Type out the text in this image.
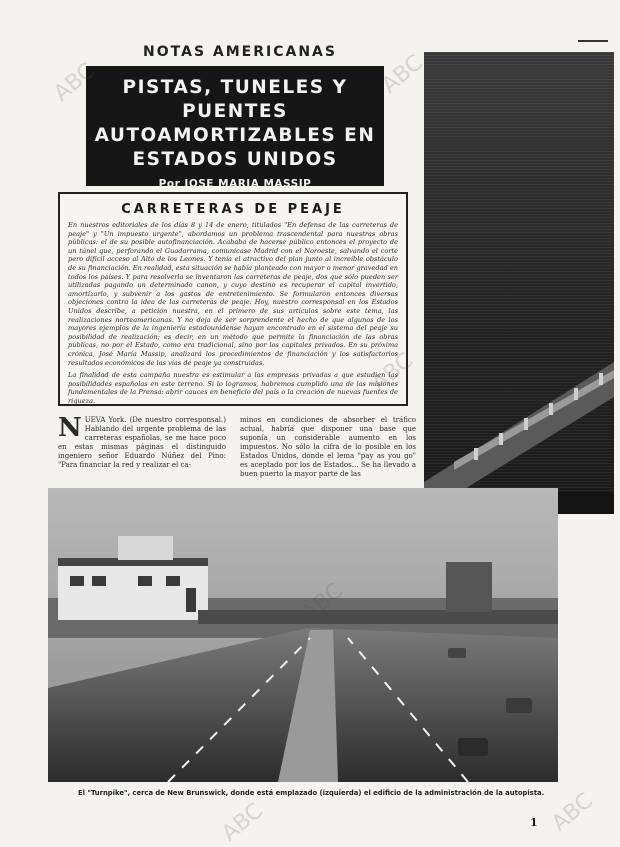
NOTAS AMERICANAS
PISTAS, TUNELES Y PUENTES AUTOAMORTIZABLES EN ESTADOS UNIDOS
Por JOSE MARIA MASSIP
CARRETERAS DE PEAJE

En nuestros editoriales de los días 8 y 14 de enero, titulados "En defensa de las carreteras de peaje" y "Un impuesto urgente", abordamos un problema trascendental para nuestras obras públicas: el de su posible autofinanciación. Acababa de hacerse público entonces el proyecto de un túnel que, perforando el Guadarrama, comunicase Madrid con el Noroeste, salvando el corte pero difícil acceso al Alto de los Leones. Y tenía el atractivo del plan junto al increíble obstáculo de su financiación. En realidad, esta situación se había planteado con mayor o menor gravedad en todos los países. Y para resolverla se inventaron las carreteras de peaje, dos que sólo pueden ser utilizadas pagando un determinado canon, y cuyo destino es recuperar el capital invertido, amortizarlo, y subvenir a los gastos de entretenimiento. Se formularon entonces diversas objeciones contra la idea de las carreteras de peaje. Hoy, nuestro corresponsal en los Estados Unidos describe, a petición nuestra, en el primero de sus artículos sobre este tema, las realizaciones norteamericanas. Y no deja de ser sorprendente el hecho de que algunos de los mayores ejemplos de la ingeniería estadounidense hayan encontrado en el sistema del peaje su posibilidad de realización; es decir, en un método que permite la financiación de las obras públicas, no por el Estado, como era tradicional, sino por los capitales privados. En su próxima crónica, José María Massip, analizará los procedimientos de financiación y los satisfactorios resultados económicos de las vías de peaje ya construidas.

La finalidad de esta campaña nuestra es estimular a las empresas privadas a que estudien las posibilidades españolas en este terreno. Si lo logramos, habremos cumplido una de las misiones fundamentales de la Prensa: abrir cauces en beneficio del país o la creación de nuevas fuentes de riqueza.

NUEVA York. (De nuestro corresponsal.) Hablando del urgente problema de las carreteras españolas, se me hace poco en estas mismas páginas el distinguido ingeniero señor Eduardo Núñez del Pino: "Para financiar la red y realizar el ca-
minos en condiciones de absorber el tráfico actual, habría que disponer una base que suponía un considerable aumento en los impuestos. No sólo la cifra de lo posible en los Estados Unidos, donde el lema "pay as you go" es aceptado por los de Estados... Se ha llevado a buen puerto la mayor parte de las
El "Turnpike", cerca de New Brunswick, donde está emplazado (izquierda) el edificio de la administración de la autopista.
1
ABC	ABC
ABC	ABC
